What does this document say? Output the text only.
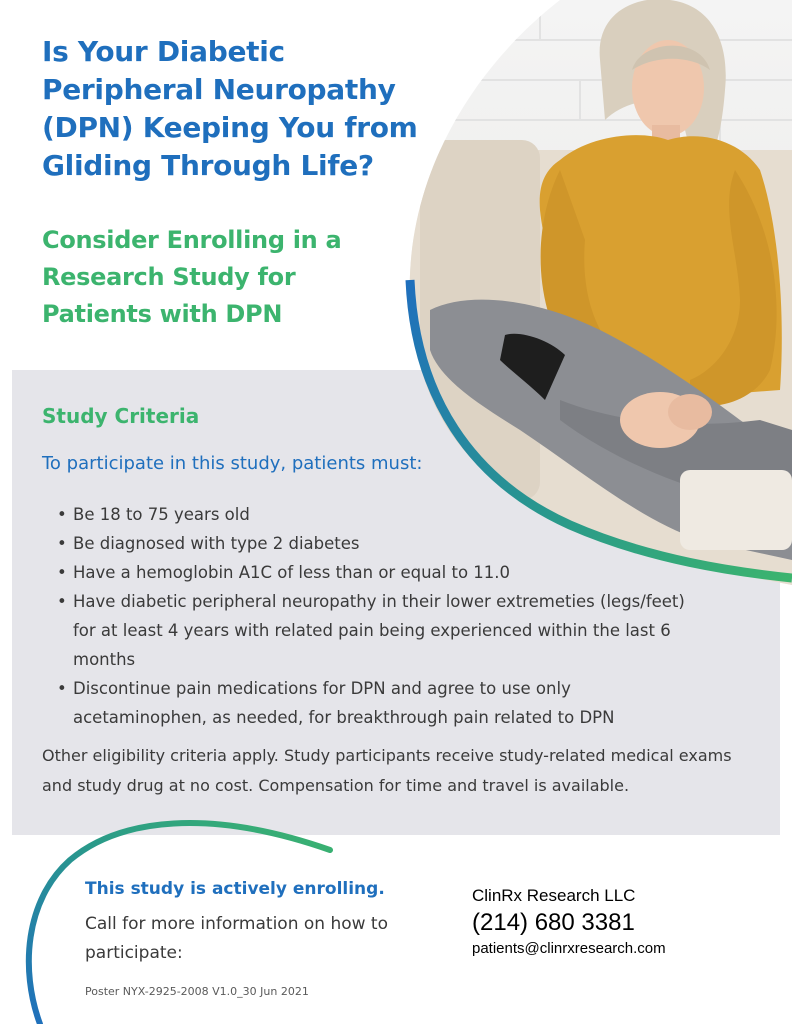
Is Your Diabetic
Peripheral Neuropathy
(DPN) Keeping You from
Gliding Through Life?
Consider Enrolling in a
Research Study for
Patients with DPN
Study Criteria
To participate in this study, patients must:
• Be 18 to 75 years old
• Be diagnosed with type 2 diabetes
• Have a hemoglobin A1C of less than or equal to 11.0
• Have diabetic peripheral neuropathy in their lower extremeties (legs/feet) for at least 4 years with related pain being experienced within the last 6 months
• Discontinue pain medications for DPN and agree to use only acetaminophen, as needed, for breakthrough pain related to DPN
Other eligibility criteria apply. Study participants receive study-related medical exams and study drug at no cost. Compensation for time and travel is available.
This study is actively enrolling.
Call for more information on how to participate:
Poster NYX-2925-2008 V1.0_30 Jun 2021
ClinRx Research LLC
(214) 680 3381
patients@clinrxresearch.com
